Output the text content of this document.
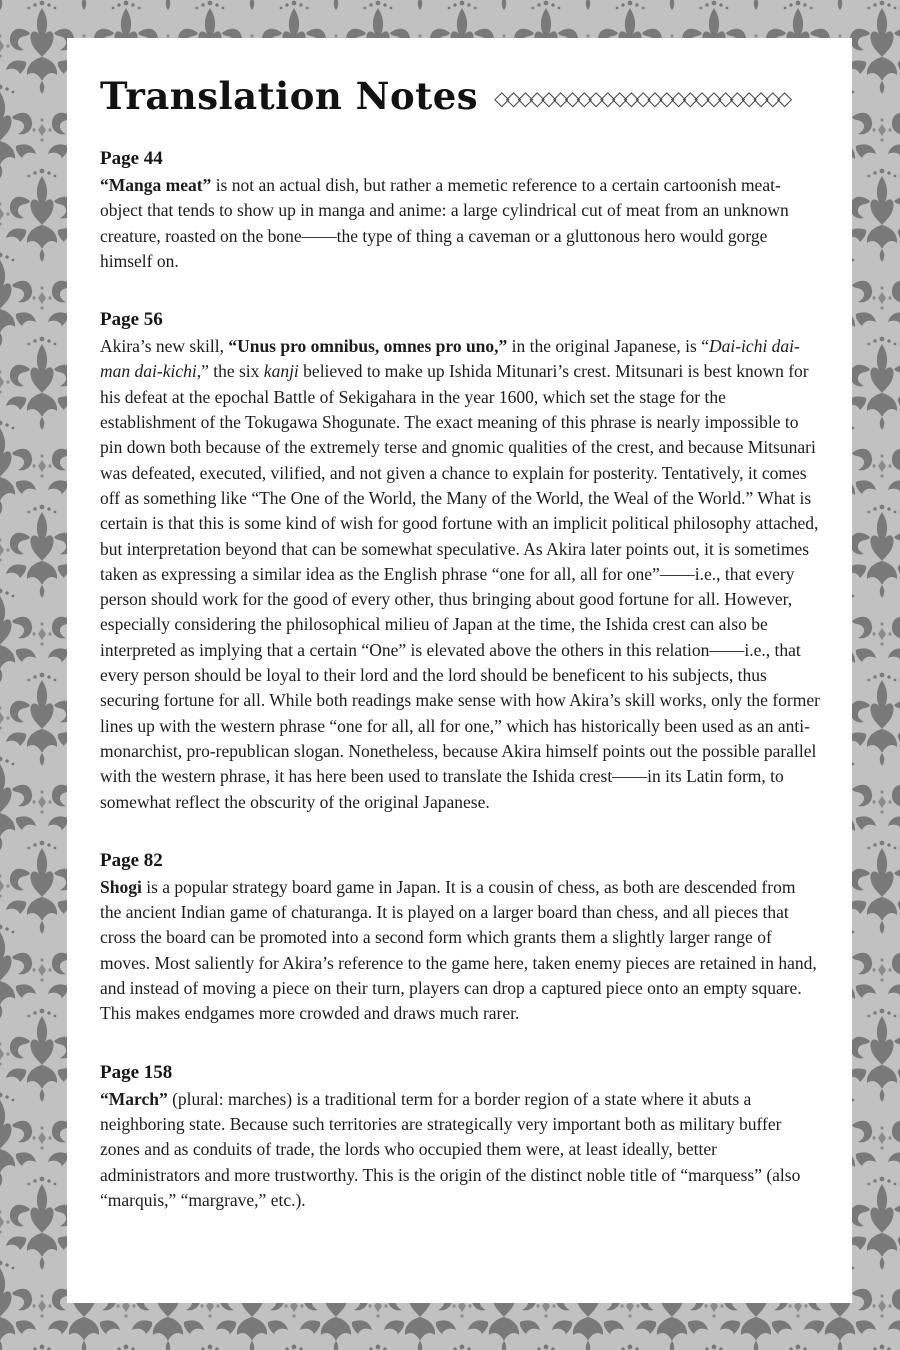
Translation Notes ◇◇◇◇◇◇◇◇◇◇◇◇◇◇◇◇◇◇◇◇◇◇◇◇◇
Page 44

“Manga meat” is not an actual dish, but rather a memetic reference to a certain cartoonish meat-object that tends to show up in manga and anime: a large cylindrical cut of meat from an unknown creature, roasted on the bone——the type of thing a caveman or a gluttonous hero would gorge himself on.

Page 56

Akira’s new skill, “Unus pro omnibus, omnes pro uno,” in the original Japanese, is “Dai-ichi dai-man dai-kichi,” the six kanji believed to make up Ishida Mitunari’s crest. Mitsunari is best known for his defeat at the epochal Battle of Sekigahara in the year 1600, which set the stage for the establishment of the Tokugawa Shogunate. The exact meaning of this phrase is nearly impossible to pin down both because of the extremely terse and gnomic qualities of the crest, and because Mitsunari was defeated, executed, vilified, and not given a chance to explain for posterity. Tentatively, it comes off as something like “The One of the World, the Many of the World, the Weal of the World.” What is certain is that this is some kind of wish for good fortune with an implicit political philosophy attached, but interpretation beyond that can be somewhat speculative. As Akira later points out, it is sometimes taken as expressing a similar idea as the English phrase “one for all, all for one”——i.e., that every person should work for the good of every other, thus bringing about good fortune for all. However, especially considering the philosophical milieu of Japan at the time, the Ishida crest can also be interpreted as implying that a certain “One” is elevated above the others in this relation——i.e., that every person should be loyal to their lord and the lord should be beneficent to his subjects, thus securing fortune for all. While both readings make sense with how Akira’s skill works, only the former lines up with the western phrase “one for all, all for one,” which has historically been used as an anti-monarchist, pro-republican slogan. Nonetheless, because Akira himself points out the possible parallel with the western phrase, it has here been used to translate the Ishida crest——in its Latin form, to somewhat reflect the obscurity of the original Japanese.

Page 82

Shogi is a popular strategy board game in Japan. It is a cousin of chess, as both are descended from the ancient Indian game of chaturanga. It is played on a larger board than chess, and all pieces that cross the board can be promoted into a second form which grants them a slightly larger range of moves. Most saliently for Akira’s reference to the game here, taken enemy pieces are retained in hand, and instead of moving a piece on their turn, players can drop a captured piece onto an empty square. This makes endgames more crowded and draws much rarer.

Page 158

“March” (plural: marches) is a traditional term for a border region of a state where it abuts a neighboring state. Because such territories are strategically very important both as military buffer zones and as conduits of trade, the lords who occupied them were, at least ideally, better administrators and more trustworthy. This is the origin of the distinct noble title of “marquess” (also “marquis,” “margrave,” etc.).
